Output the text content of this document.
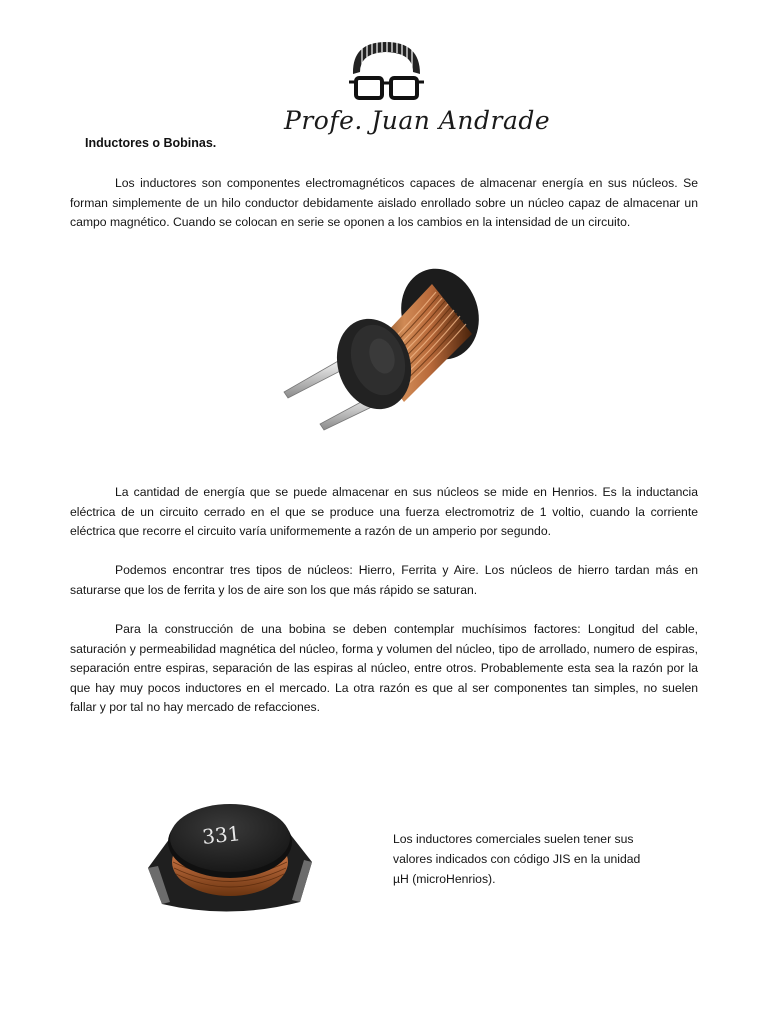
Profe. Juan Andrade
Inductores o Bobinas.

Los inductores son componentes electromagnéticos capaces de almacenar energía en sus núcleos. Se forman simplemente de un hilo conductor debidamente aislado enrollado sobre un núcleo capaz de almacenar un campo magnético. Cuando se colocan en serie se oponen a los cambios en la intensidad de un circuito.

La cantidad de energía que se puede almacenar en sus núcleos se mide en Henrios. Es la inductancia eléctrica de un circuito cerrado en el que se produce una fuerza electromotriz de 1 voltio, cuando la corriente eléctrica que recorre el circuito varía uniformemente a razón de un amperio por segundo.

Podemos encontrar tres tipos de núcleos: Hierro, Ferrita y Aire. Los núcleos de hierro tardan más en saturarse que los de ferrita y los de aire son los que más rápido se saturan.

Para la construcción de una bobina se deben contemplar muchísimos factores: Longitud del cable, saturación y permeabilidad magnética del núcleo, forma y volumen del núcleo, tipo de arrollado, numero de espiras, separación entre espiras, separación de las espiras al núcleo, entre otros. Probablemente esta sea la razón por la que hay muy pocos inductores en el mercado. La otra razón es que al ser componentes tan simples, no suelen fallar y por tal no hay mercado de refacciones.

331	Los inductores comerciales suelen tener sus valores indicados con código JIS en la unidad µH (microHenrios).
